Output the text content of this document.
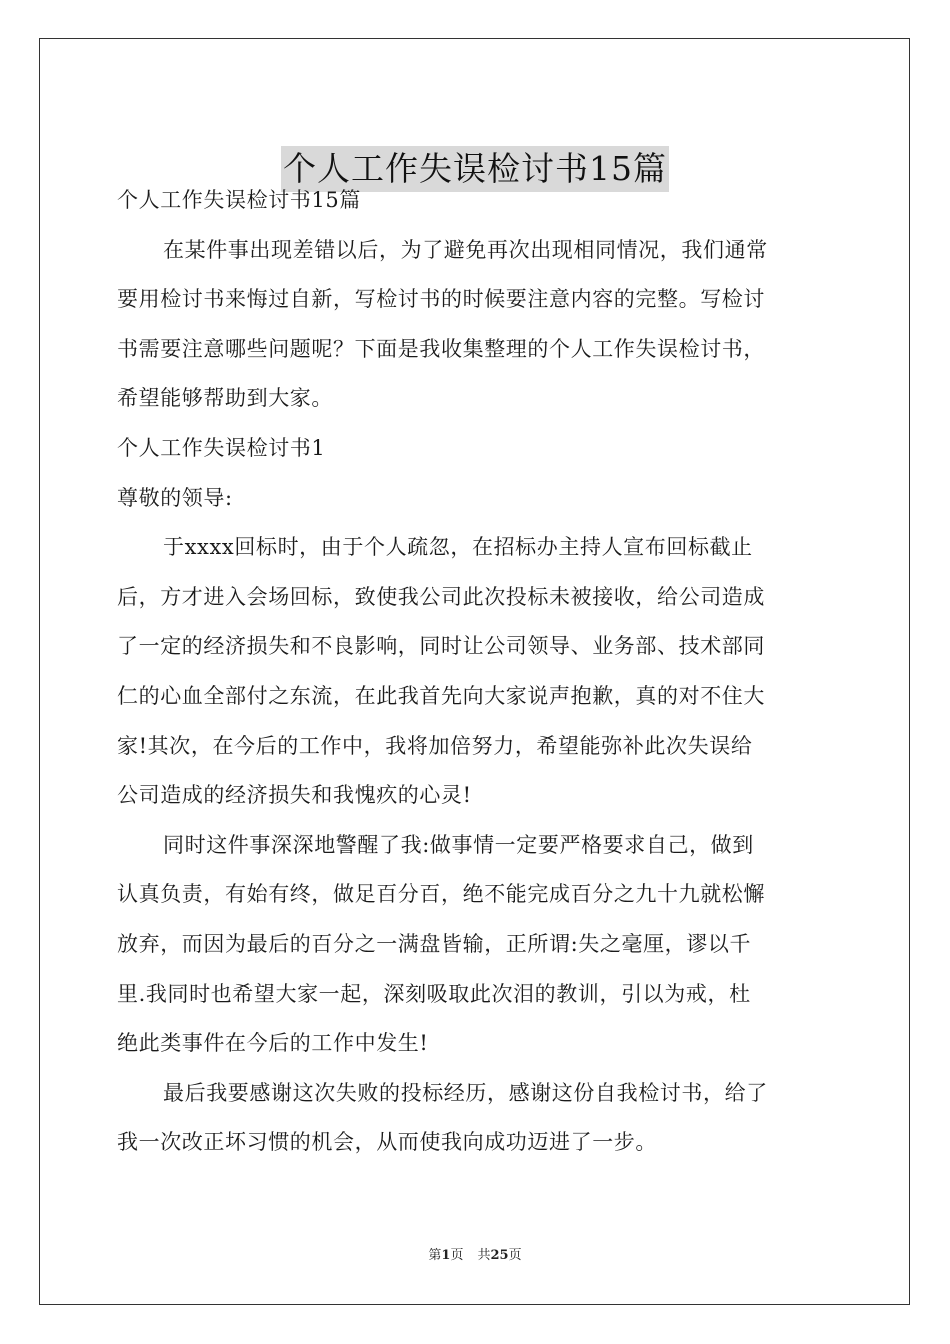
个人工作失误检讨书15篇

个人工作失误检讨书15篇

在某件事出现差错以后，为了避免再次出现相同情况，我们通常

要用检讨书来悔过自新，写检讨书的时候要注意内容的完整。写检讨

书需要注意哪些问题呢？下面是我收集整理的个人工作失误检讨书，

希望能够帮助到大家。

个人工作失误检讨书1

尊敬的领导:

于xxxx回标时，由于个人疏忽，在招标办主持人宣布回标截止

后，方才进入会场回标，致使我公司此次投标未被接收，给公司造成

了一定的经济损失和不良影响，同时让公司领导、业务部、技术部同

仁的心血全部付之东流，在此我首先向大家说声抱歉，真的对不住大

家!其次，在今后的工作中，我将加倍努力，希望能弥补此次失误给

公司造成的经济损失和我愧疚的心灵!

同时这件事深深地警醒了我:做事情一定要严格要求自己，做到

认真负责，有始有终，做足百分百，绝不能完成百分之九十九就松懈

放弃，而因为最后的百分之一满盘皆输，正所谓:失之毫厘，谬以千

里.我同时也希望大家一起，深刻吸取此次泪的教训，引以为戒，杜

绝此类事件在今后的工作中发生!

最后我要感谢这次失败的投标经历，感谢这份自我检讨书，给了

我一次改正坏习惯的机会，从而使我向成功迈进了一步。

第1页 共25页
